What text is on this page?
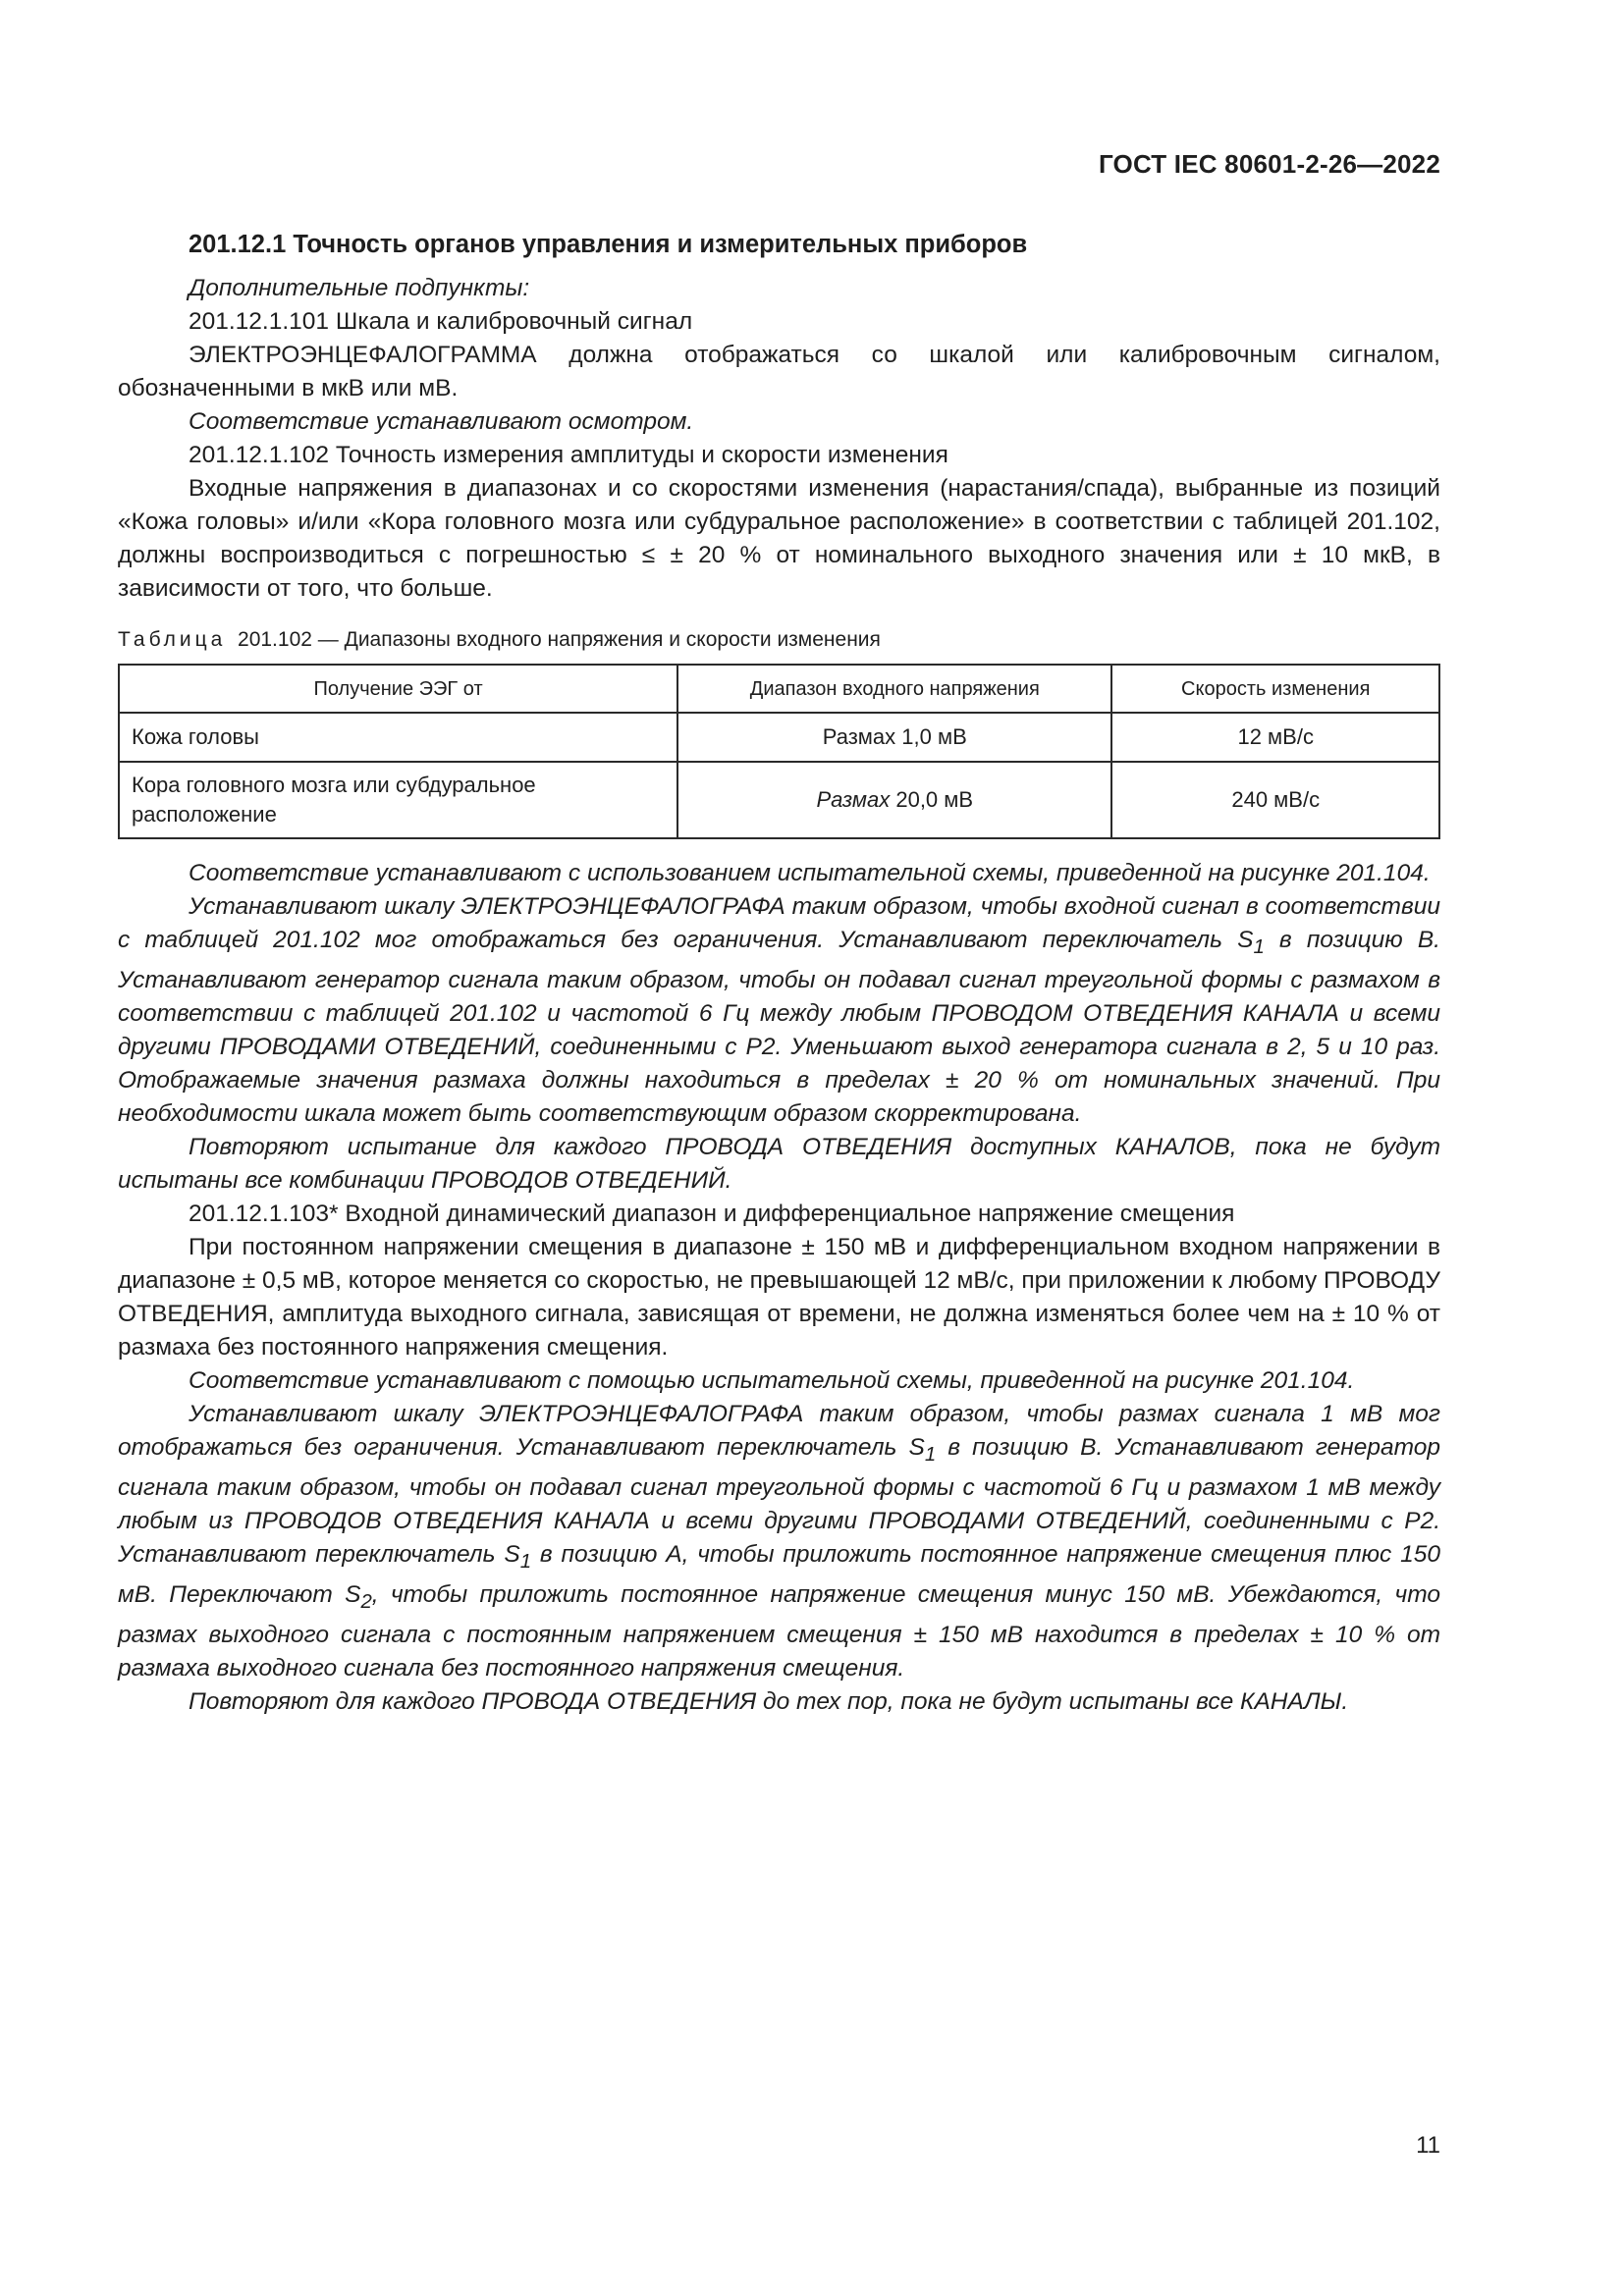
ГОСТ IEC 80601-2-26—2022
201.12.1 Точность органов управления и измерительных приборов

Дополнительные подпункты:

201.12.1.101 Шкала и калибровочный сигнал

ЭЛЕКТРОЭНЦЕФАЛОГРАММА должна отображаться со шкалой или калибровочным сигналом, обозначенными в мкВ или мВ.

Соответствие устанавливают осмотром.

201.12.1.102 Точность измерения амплитуды и скорости изменения

Входные напряжения в диапазонах и со скоростями изменения (нарастания/спада), выбранные из позиций «Кожа головы» и/или «Кора головного мозга или субдуральное расположение» в соответствии с таблицей 201.102, должны воспроизводиться с погрешностью ≤ ± 20 % от номинального выходного значения или ± 10 мкВ, в зависимости от того, что больше.

Таблица 201.102 — Диапазоны входного напряжения и скорости изменения
Получение ЭЭГ от	Диапазон входного напряжения	Скорость изменения
Кожа головы	Размах 1,0 мВ	12 мВ/с
Кора головного мозга или субдуральное расположение	Размах 20,0 мВ	240 мВ/с

Соответствие устанавливают с использованием испытательной схемы, приведенной на рисунке 201.104.

Устанавливают шкалу ЭЛЕКТРОЭНЦЕФАЛОГРАФА таким образом, чтобы входной сигнал в соответствии с таблицей 201.102 мог отображаться без ограничения. Устанавливают переключатель $S_1$ в позицию B. Устанавливают генератор сигнала таким образом, чтобы он подавал сигнал треугольной формы с размахом в соответствии с таблицей 201.102 и частотой 6 Гц между любым ПРОВОДОМ ОТВЕДЕНИЯ КАНАЛА и всеми другими ПРОВОДАМИ ОТВЕДЕНИЙ, соединенными с P2. Уменьшают выход генератора сигнала в 2, 5 и 10 раз. Отображаемые значения размаха должны находиться в пределах ± 20 % от номинальных значений. При необходимости шкала может быть соответствующим образом скорректирована.

Повторяют испытание для каждого ПРОВОДА ОТВЕДЕНИЯ доступных КАНАЛОВ, пока не будут испытаны все комбинации ПРОВОДОВ ОТВЕДЕНИЙ.

201.12.1.103* Входной динамический диапазон и дифференциальное напряжение смещения

При постоянном напряжении смещения в диапазоне ± 150 мВ и дифференциальном входном напряжении в диапазоне ± 0,5 мВ, которое меняется со скоростью, не превышающей 12 мВ/с, при приложении к любому ПРОВОДУ ОТВЕДЕНИЯ, амплитуда выходного сигнала, зависящая от времени, не должна изменяться более чем на ± 10 % от размаха без постоянного напряжения смещения.

Соответствие устанавливают с помощью испытательной схемы, приведенной на рисунке 201.104.

Устанавливают шкалу ЭЛЕКТРОЭНЦЕФАЛОГРАФА таким образом, чтобы размах сигнала 1 мВ мог отображаться без ограничения. Устанавливают переключатель $S_1$ в позицию B. Устанавливают генератор сигнала таким образом, чтобы он подавал сигнал треугольной формы с частотой 6 Гц и размахом 1 мВ между любым из ПРОВОДОВ ОТВЕДЕНИЯ КАНАЛА и всеми другими ПРОВОДАМИ ОТВЕДЕНИЙ, соединенными с P2. Устанавливают переключатель $S_1$ в позицию A, чтобы приложить постоянное напряжение смещения плюс 150 мВ. Переключают $S_2$, чтобы приложить постоянное напряжение смещения минус 150 мВ. Убеждаются, что размах выходного сигнала с постоянным напряжением смещения ± 150 мВ находится в пределах ± 10 % от размаха выходного сигнала без постоянного напряжения смещения.

Повторяют для каждого ПРОВОДА ОТВЕДЕНИЯ до тех пор, пока не будут испытаны все КАНАЛЫ.

11
